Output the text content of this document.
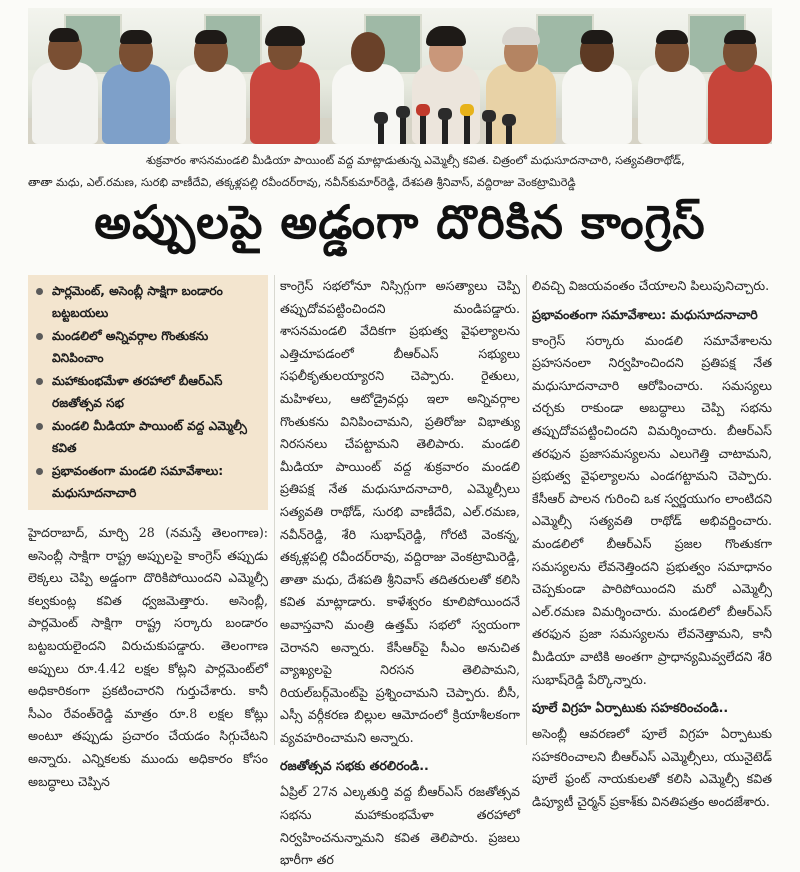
శుక్రవారం శాసనమండలి మీడియా పాయింట్ వద్ద మాట్లాడుతున్న ఎమ్మెల్సీ కవిత. చిత్రంలో మధుసూదనాచారి, సత్యవతిరాథోడ్,
తాతా మధు, ఎల్.రమణ, సురభి వాణీదేవి, తక్కళ్లపల్లి రవీందర్‌రావు, నవీన్‌కుమార్‌రెడ్డి, దేశపతి శ్రీనివాస్, వద్దిరాజు వెంకట్రామిరెడ్డి
అప్పులపై అడ్డంగా దొరికిన కాంగ్రెస్
పార్లమెంట్, అసెంబ్లీ సాక్షిగా బండారం బట్టబయలు
మండలిలో అన్నివర్గాల గొంతుకను వినిపించాం
మహాకుంభమేళా తరహాలో బీఆర్‌ఎస్ రజతోత్సవ సభ
మండలి మీడియా పాయింట్ వద్ద ఎమ్మెల్సీ కవిత
ప్రభావంతంగా మండలి సమావేశాలు: మధుసూదనాచారి

హైదరాబాద్, మార్చి 28 (నమస్తే తెలంగాణ): అసెంబ్లీ సాక్షిగా రాష్ట్ర అప్పులపై కాంగ్రెస్ తప్పుడు లెక్కలు చెప్పి అడ్డంగా దొరికిపోయిందని ఎమ్మెల్సీ కల్వకుంట్ల కవిత ధ్వజమెత్తారు. అసెంబ్లీ, పార్లమెంట్ సాక్షిగా రాష్ట్ర సర్కారు బండారం బట్టబయలైందని విరుచుకుపడ్డారు. తెలంగాణ అప్పులు రూ.4.42 లక్షల కోట్లని పార్లమెంట్‌లో అధికారికంగా ప్రకటించారని గుర్తుచేశారు. కానీ సీఎం రేవంత్‌రెడ్డి మాత్రం రూ.8 లక్షల కోట్లు అంటూ తప్పుడు ప్రచారం చేయడం సిగ్గుచేటని అన్నారు. ఎన్నికలకు ముందు అధికారం కోసం అబద్ధాలు చెప్పిన

కాంగ్రెస్ సభలోనూ నిస్సిగ్గుగా అసత్యాలు చెప్పి తప్పుదోవపట్టించిందని మండిపడ్డారు. శాసనమండలి వేదికగా ప్రభుత్వ వైఫల్యాలను ఎత్తిచూపడంలో బీఆర్‌ఎస్ సభ్యులు సఫలీకృతులయ్యారని చెప్పారు. రైతులు, మహిళలు, ఆటోడ్రైవర్లు ఇలా అన్నివర్గాల గొంతుకను వినిపించామని, ప్రతిరోజు విభాత్యు నిరసనలు చేపట్టామని తెలిపారు. మండలి మీడియా పాయింట్ వద్ద శుక్రవారం మండలి ప్రతిపక్ష నేత మధుసూదనాచారి, ఎమ్మెల్సీలు సత్యవతి రాథోడ్, సురభి వాణీదేవి, ఎల్.రమణ, నవీన్‌రెడ్డి, శేరి సుభాష్‌రెడ్డి, గోరటి వెంకన్న, తక్కళ్లపల్లి రవీందర్‌రావు, వద్దిరాజు వెంకట్రామిరెడ్డి, తాతా మధు, దేశపతి శ్రీనివాస్ తదితరులతో కలిసి కవిత మాట్లాడారు. కాళేశ్వరం కూలిపోయిందనే అవాస్తవాని మంత్రి ఉత్తమ్ సభలో స్వయంగా చెరానని అన్నారు. కేసీఆర్‌పై సీఎం అనుచిత వ్యాఖ్యలపై నిరసన తెలిపామని, రియల్‌బర్గ్‌మెంట్‌పై ప్రశ్నించామని చెప్పారు. బీసీ, ఎస్సీ వర్గీకరణ బిల్లుల ఆమోదంలో క్రియాశీలకంగా వ్యవహరించామని అన్నారు.

రజతోత్సవ సభకు తరలిరండి..

ఏప్రిల్ 27న ఎల్కతుర్తి వద్ద బీఆర్‌ఎస్ రజతోత్సవ సభను మహాకుంభమేళా తరహాలో నిర్వహించనున్నామని కవిత తెలిపారు. ప్రజలు భారీగా తర

లివచ్చి విజయవంతం చేయాలని పిలుపునిచ్చారు.

ప్రభావంతంగా సమావేశాలు: మధుసూదనాచారి

కాంగ్రెస్ సర్కారు మండలి సమావేశాలను ప్రహసనంలా నిర్వహించిందని ప్రతిపక్ష నేత మధుసూదనాచారి ఆరోపించారు. సమస్యలు చర్చకు రాకుండా అబద్ధాలు చెప్పి సభను తప్పుదోవపట్టించిందని విమర్శించారు. బీఆర్‌ఎస్ తరఫున ప్రజాసమస్యలను ఎలుగెత్తి చాటామని, ప్రభుత్వ వైఫల్యాలను ఎండగట్టామని చెప్పారు. కేసీఆర్ పాలన గురించి ఒక స్వర్ణయుగం లాంటిదని ఎమ్మెల్సీ సత్యవతి రాథోడ్ అభివర్ణించారు. మండలిలో బీఆర్‌ఎస్ ప్రజల గొంతుకగా సమస్యలను లేవనెత్తిందని ప్రభుత్వం సమాధానం చెప్పకుండా పారిపోయిందని మరో ఎమ్మెల్సీ ఎల్.రమణ విమర్శించారు. మండలిలో బీఆర్‌ఎస్ తరఫున ప్రజా సమస్యలను లేవనెత్తామని, కానీ మీడియా వాటికి అంతగా ప్రాధాన్యమివ్వలేదని శేరి సుభాష్‌రెడ్డి పేర్కొన్నారు.

పూలే విగ్రహ ఏర్పాటుకు సహకరించండి..

అసెంబ్లీ ఆవరణలో పూలే విగ్రహ ఏర్పాటుకు సహకరించాలని బీఆర్‌ఎస్ ఎమ్మెల్సీలు, యునైటెడ్ పూలే ఫ్రంట్ నాయకులతో కలిసి ఎమ్మెల్సీ కవిత డిప్యూటీ చైర్మన్ ప్రకాశ్‌కు వినతిపత్రం అందజేశారు.
